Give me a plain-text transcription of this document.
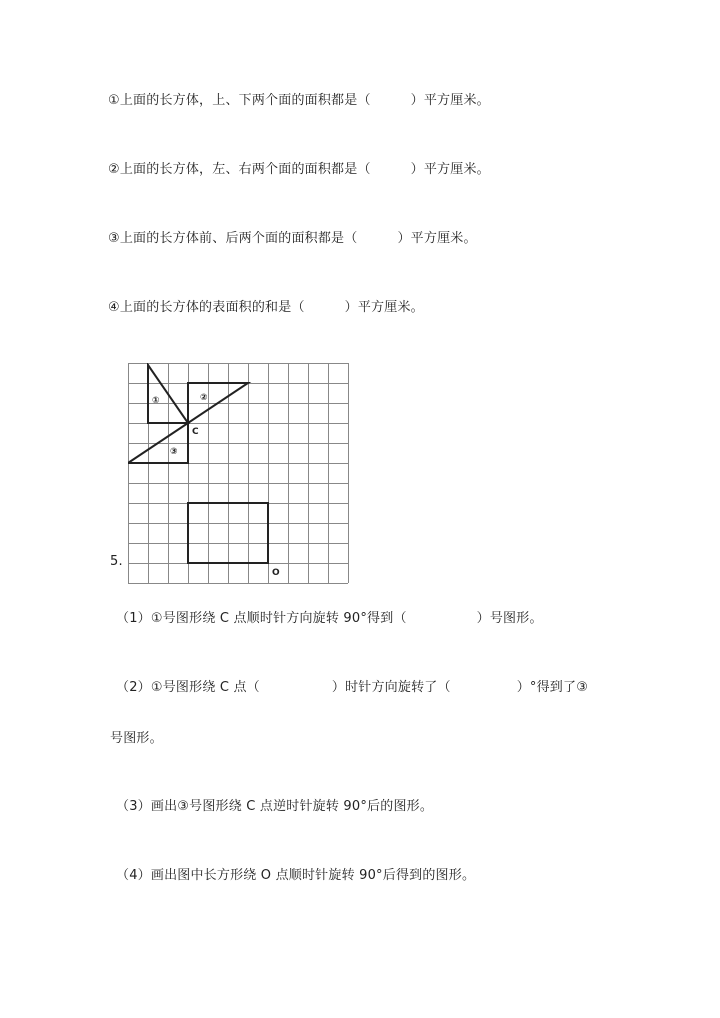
①上面的长方体，上、下两个面的面积都是（	）平方厘米。
②上面的长方体，左、右两个面的面积都是（	）平方厘米。
③上面的长方体前、后两个面的面积都是（	）平方厘米。
④上面的长方体的表面积的和是（	）平方厘米。
①	②
③
C
O
5.
（1）①号图形绕 C 点顺时针方向旋转 90°得到（	）号图形。
（2）①号图形绕 C 点（	）时针方向旋转了（	）°得到了③
号图形。
（3）画出③号图形绕 C 点逆时针旋转 90°后的图形。
（4）画出图中长方形绕 O 点顺时针旋转 90°后得到的图形。
